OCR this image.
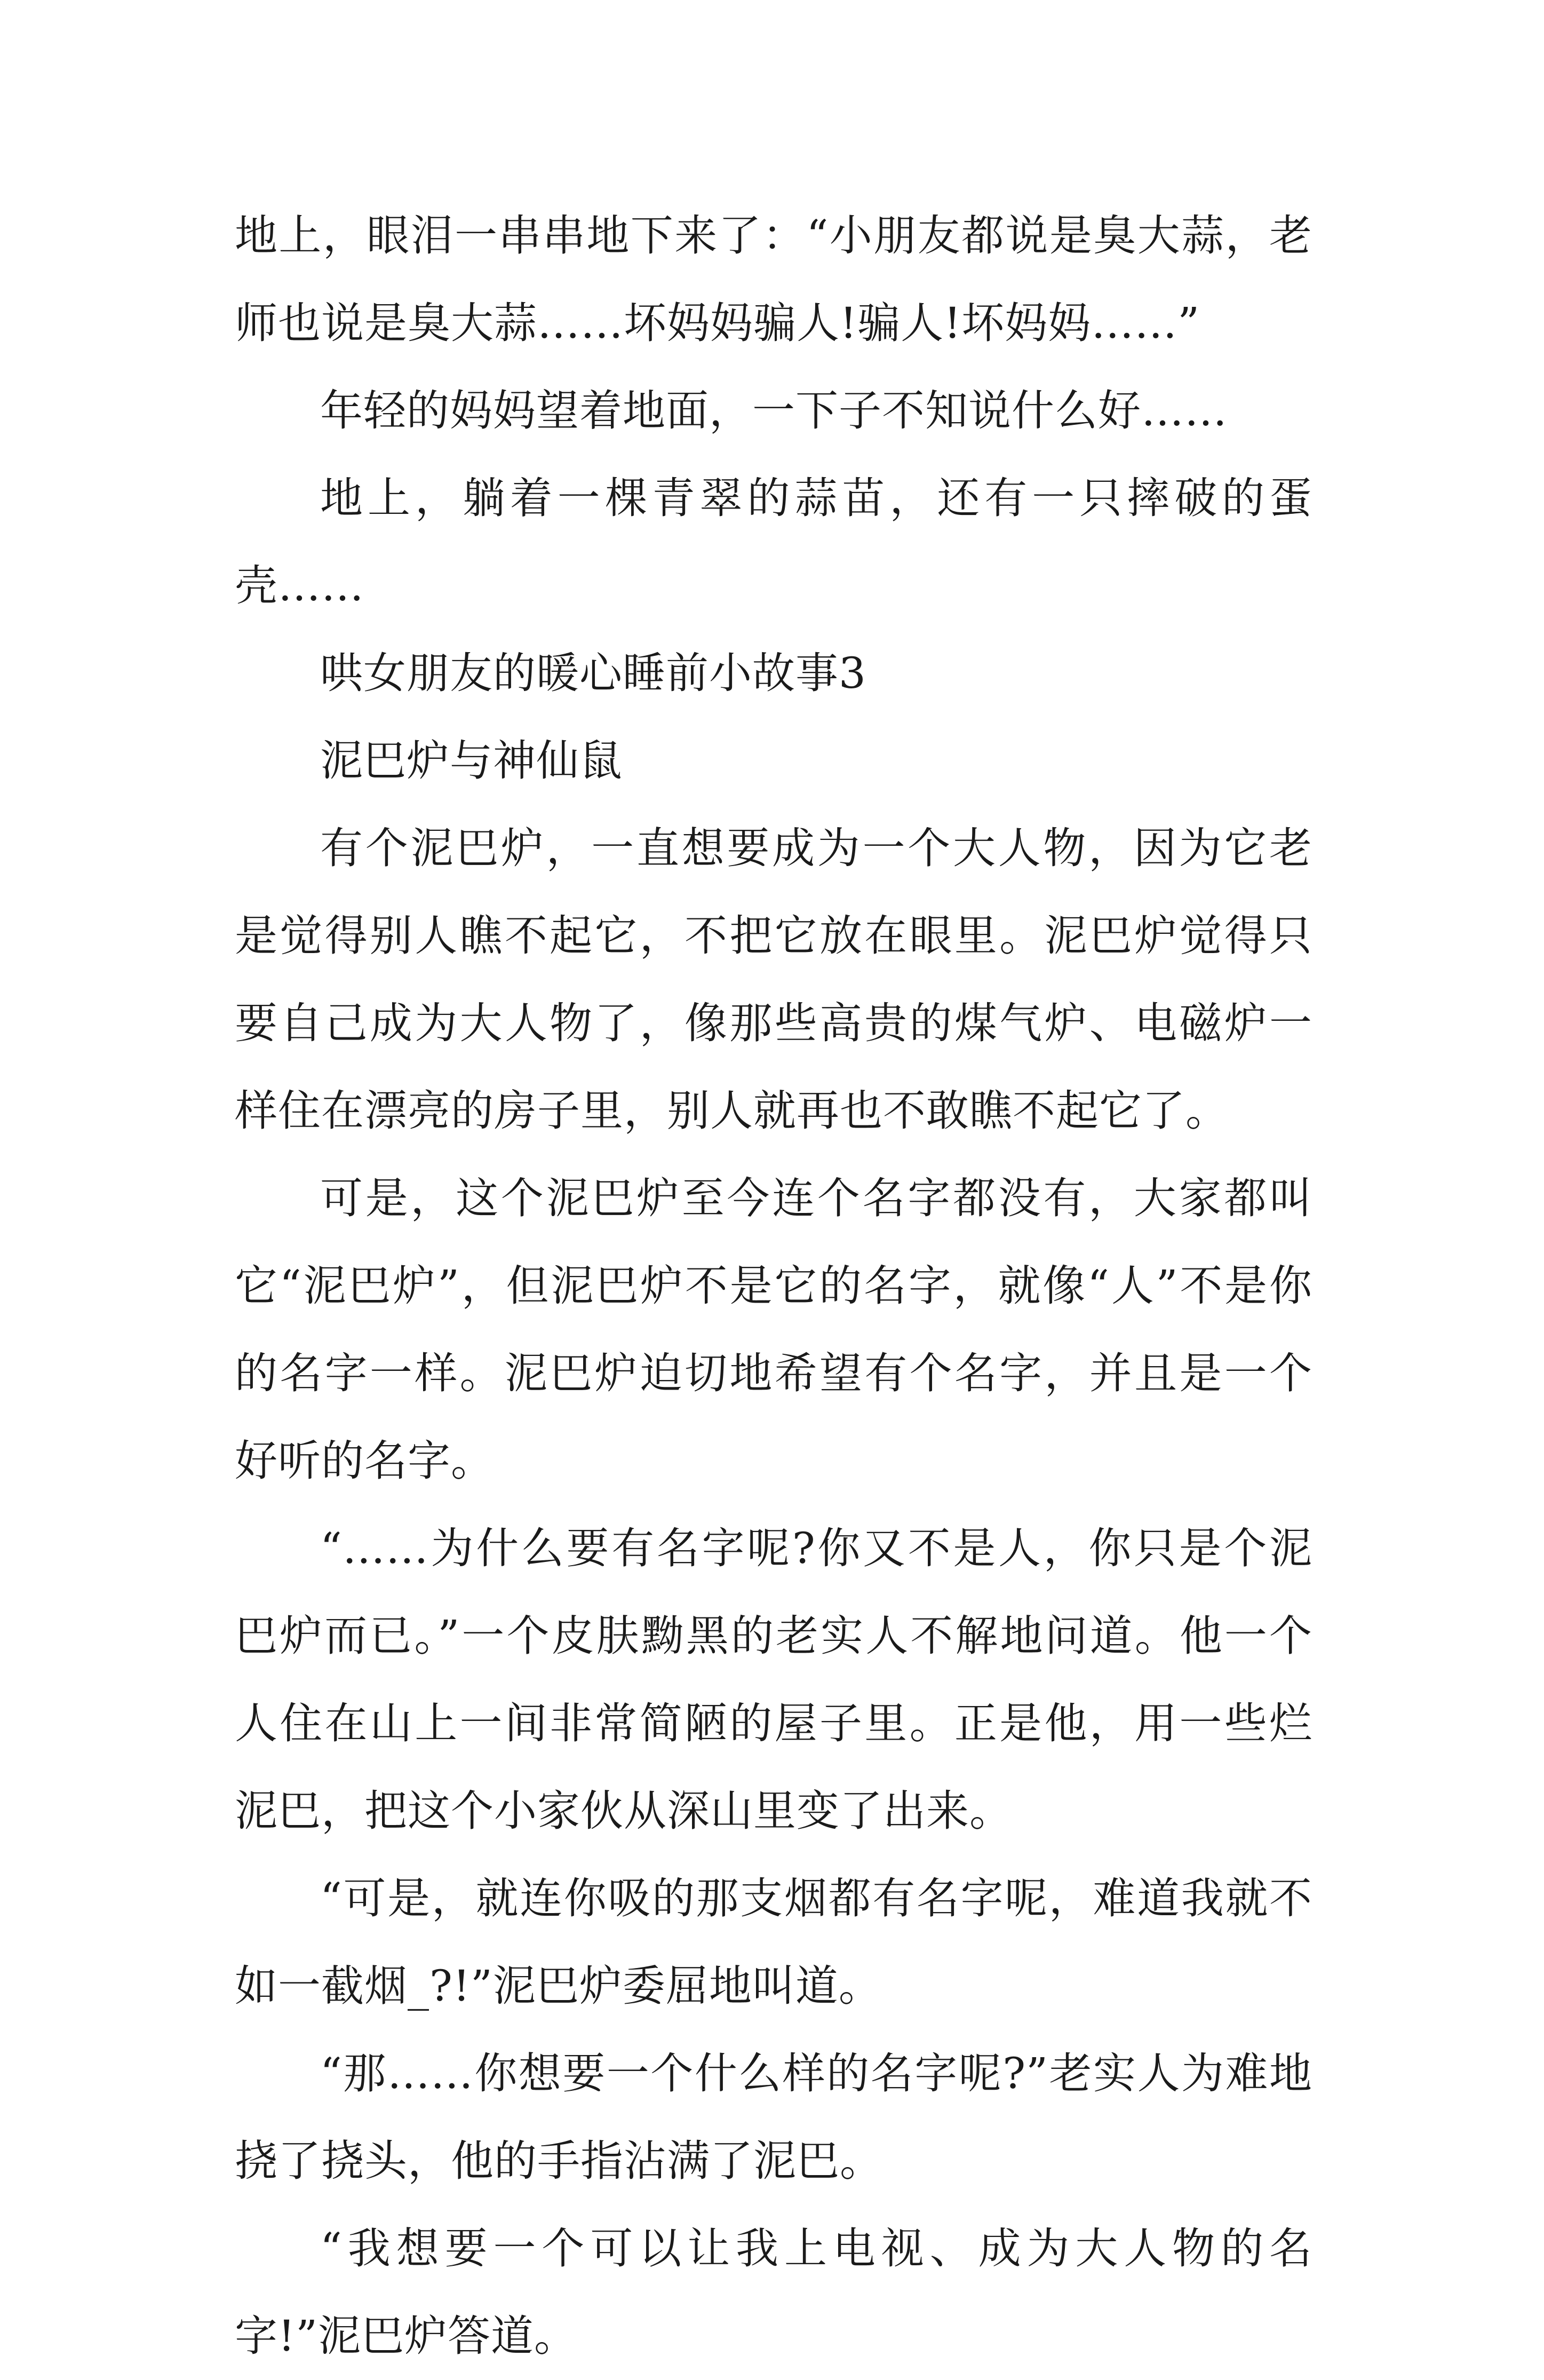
地上，眼泪一串串地下来了：“小朋友都说是臭大蒜，老师也说是臭大蒜……坏妈妈骗人!骗人!坏妈妈……”

年轻的妈妈望着地面，一下子不知说什么好……

地上，躺着一棵青翠的蒜苗，还有一只摔破的蛋壳……

哄女朋友的暖心睡前小故事3

泥巴炉与神仙鼠

有个泥巴炉，一直想要成为一个大人物，因为它老是觉得别人瞧不起它，不把它放在眼里。泥巴炉觉得只要自己成为大人物了，像那些高贵的煤气炉、电磁炉一样住在漂亮的房子里，别人就再也不敢瞧不起它了。

可是，这个泥巴炉至今连个名字都没有，大家都叫它“泥巴炉”，但泥巴炉不是它的名字，就像“人”不是你的名字一样。泥巴炉迫切地希望有个名字，并且是一个好听的名字。

“……为什么要有名字呢?你又不是人，你只是个泥巴炉而已。”一个皮肤黝黑的老实人不解地问道。他一个人住在山上一间非常简陋的屋子里。正是他，用一些烂泥巴，把这个小家伙从深山里变了出来。

“可是，就连你吸的那支烟都有名字呢，难道我就不如一截烟_?!”泥巴炉委屈地叫道。

“那……你想要一个什么样的名字呢?”老实人为难地挠了挠头，他的手指沾满了泥巴。

“我想要一个可以让我上电视、成为大人物的名字!”泥巴炉答道。
